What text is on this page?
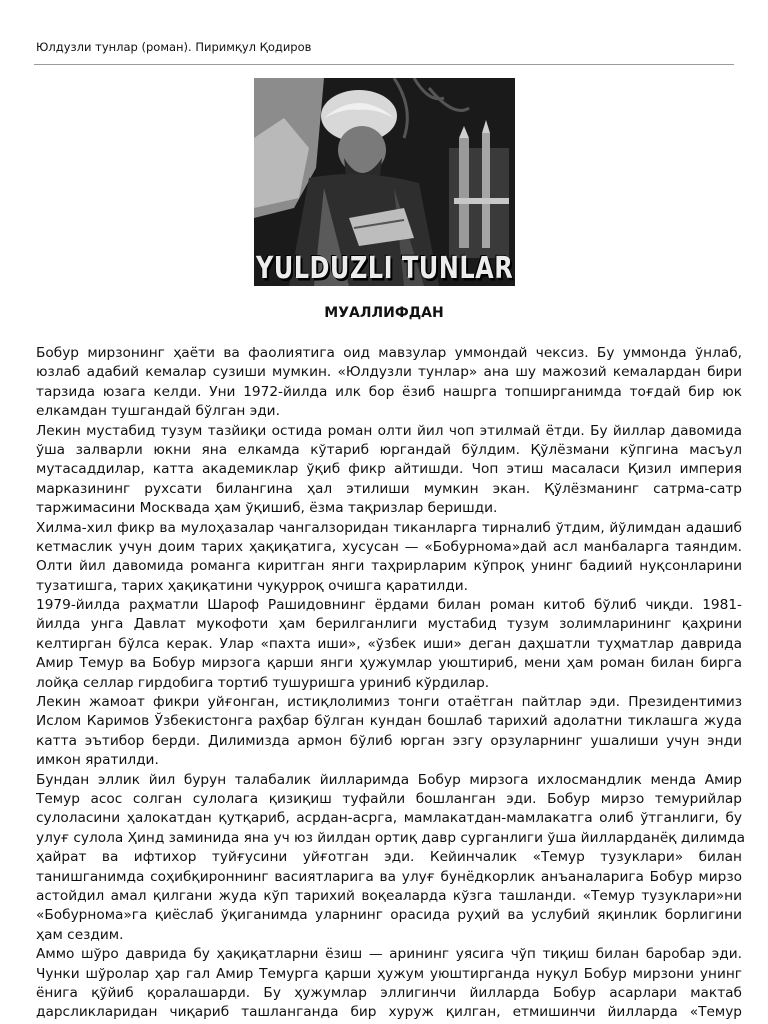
Юлдузли тунлар (роман). Пиримқул Қодиров
YULDUZLI TUNLAR
МУАЛЛИФДАН
Бобур мирзонинг ҳаёти ва фаолиятига оид мавзулар уммондай чексиз. Бу уммонда ўнлаб,
юзлаб адабий кемалар сузиши мумкин. «Юлдузли тунлар» ана шу мажозий кемалардан бири
тарзида юзага келди. Уни 1972-йилда илк бор ёзиб нашрга топширганимда тоғдай бир юк
елкамдан тушгандай бўлган эди.
Лекин мустабид тузум тазйиқи остида роман олти йил чоп этилмай ётди. Бу йиллар давомида
ўша залварли юкни яна елкамда кўтариб юргандай бўлдим. Қўлёзмани кўпгина масъул
мутасаддилар, катта академиклар ўқиб фикр айтишди. Чоп этиш масаласи Қизил империя
марказининг рухсати билангина ҳал этилиши мумкин экан. Қўлёзманинг сатрма-сатр
таржимасини Москвада ҳам ўқишиб, ёзма тақризлар беришди.
Хилма-хил фикр ва мулоҳазалар чангалзоридан тиканларга тирналиб ўтдим, йўлимдан адашиб
кетмаслик учун доим тарих ҳақиқатига, хусусан — «Бобурнома»дай асл манбаларга таяндим.
Олти йил давомида романга киритган янги таҳрирларим кўпроқ унинг бадиий нуқсонларини
тузатишга, тарих ҳақиқатини чуқурроқ очишга қаратилди.
1979-йилда раҳматли Шароф Рашидовнинг ёрдами билан роман китоб бўлиб чиқди. 1981-
йилда унга Давлат мукофоти ҳам берилганлиги мустабид тузум золимларининг қаҳрини
келтирган бўлса керак. Улар «пахта иши», «ўзбек иши» деган даҳшатли туҳматлар даврида
Амир Темур ва Бобур мирзога қарши янги ҳужумлар уюштириб, мени ҳам роман билан бирга
лойқа селлар гирдобига тортиб тушуришга уриниб кўрдилар.
Лекин жамоат фикри уйғонган, истиқлолимиз тонги отаётган пайтлар эди. Президентимиз
Ислом Каримов Ўзбекистонга раҳбар бўлган кундан бошлаб тарихий адолатни тиклашга жуда
катта эътибор берди. Дилимизда армон бўлиб юрган эзгу орзуларнинг ушалиши учун энди
имкон яратилди.
Бундан эллик йил бурун талабалик йилларимда Бобур мирзога ихлосмандлик менда Амир
Темур асос солган сулолага қизиқиш туфайли бошланган эди. Бобур мирзо темурийлар
сулоласини ҳалокатдан қутқариб, асрдан-асрга, мамлакатдан-мамлакатга олиб ўтганлиги, бу
улуғ сулола Ҳинд заминида яна уч юз йилдан ортиқ давр сурганлиги ўша йилларданёқ дилимда
ҳайрат ва ифтихор туйғусини уйғотган эди. Кейинчалик «Темур тузуклари» билан
танишганимда соҳибқироннинг васиятларига ва улуғ бунёдкорлик анъаналарига Бобур мирзо
астойдил амал қилгани жуда кўп тарихий воқеаларда кўзга ташланди. «Темур тузуклари»ни
«Бобурнома»га қиёслаб ўқиганимда уларнинг орасида руҳий ва услубий яқинлик борлигини
ҳам сездим.
Аммо шўро даврида бу ҳақиқатларни ёзиш — арининг уясига чўп тиқиш билан баробар эди.
Чунки шўролар ҳар гал Амир Темурга қарши ҳужум уюштирганда нуқул Бобур мирзони унинг
ёнига қўйиб қоралашарди. Бу ҳужумлар эллигинчи йилларда Бобур асарлари мактаб
дарсликларидан чиқариб ташланганда бир хуруж қилган, етмишинчи йилларда «Темур
